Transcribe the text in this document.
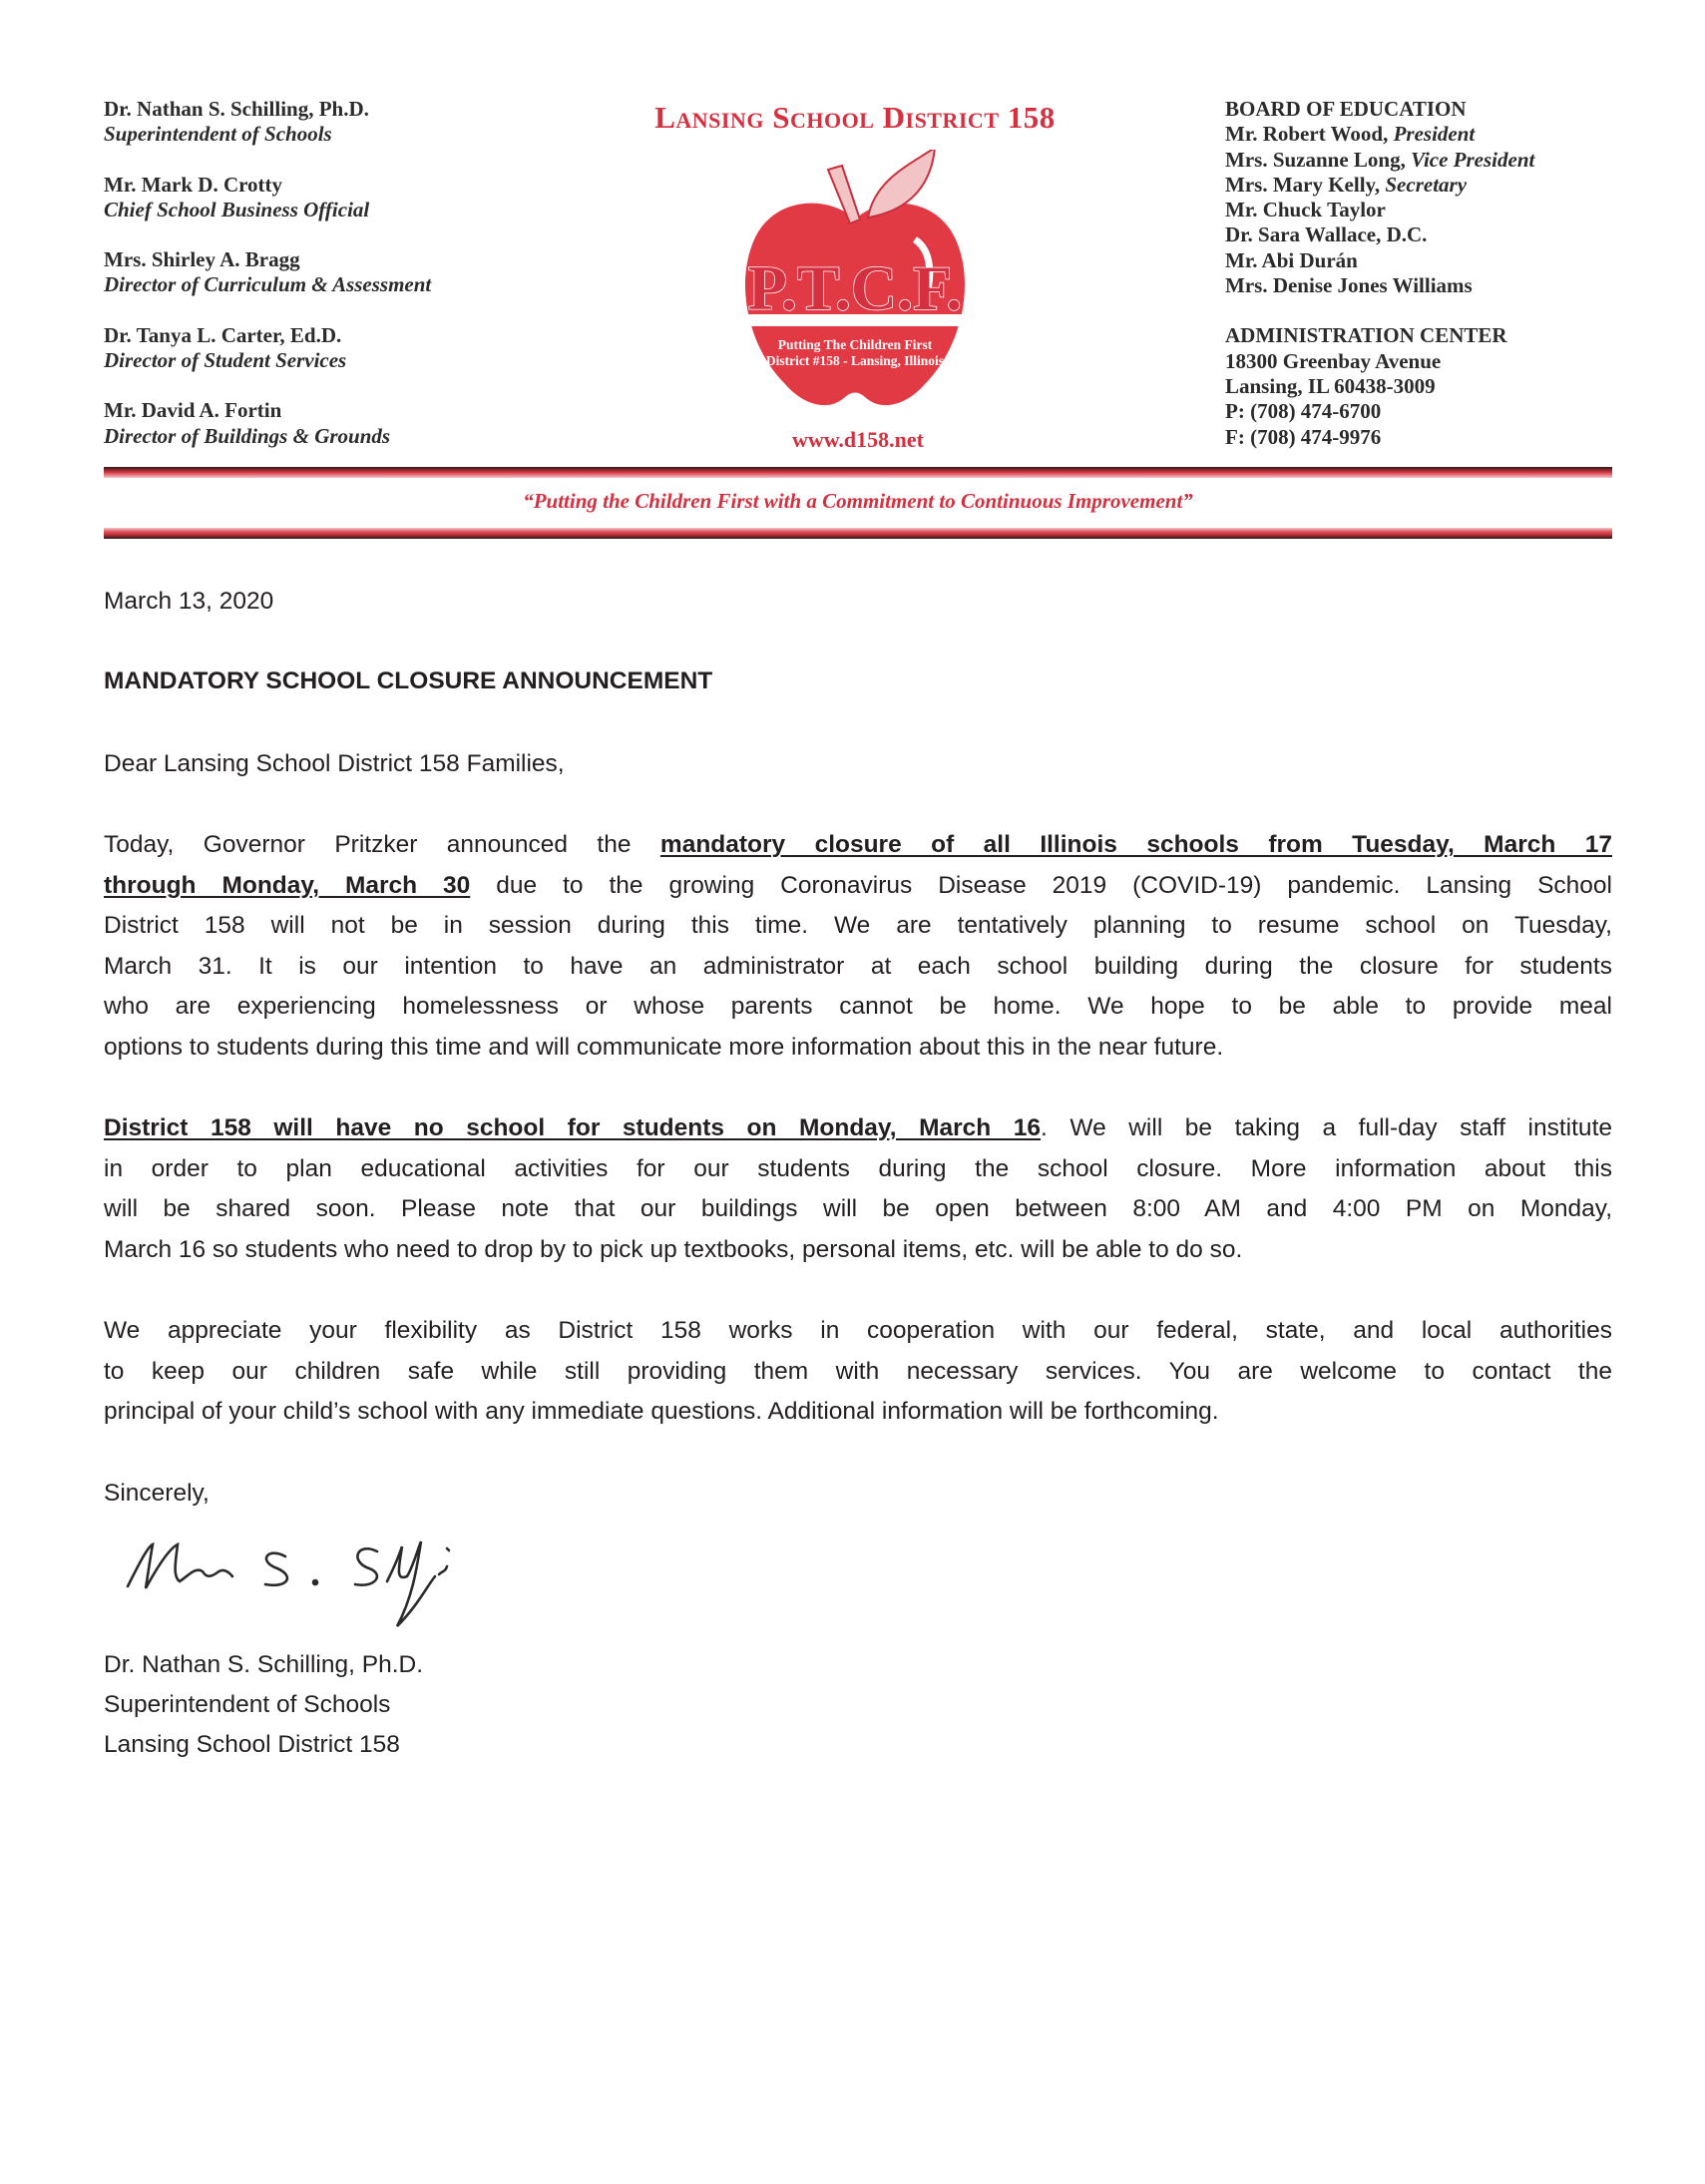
Dr. Nathan S. Schilling, Ph.D.
Superintendent of Schools
Mr. Mark D. Crotty
Chief School Business Official
Mrs. Shirley A. Bragg
Director of Curriculum & Assessment
Dr. Tanya L. Carter, Ed.D.
Director of Student Services
Mr. David A. Fortin
Director of Buildings & Grounds
Lansing School District 158
P.T.C.F.
Putting The Children First
District #158 - Lansing, Illinois
www.d158.net
BOARD OF EDUCATION
Mr. Robert Wood, President
Mrs. Suzanne Long, Vice President
Mrs. Mary Kelly, Secretary
Mr. Chuck Taylor
Dr. Sara Wallace, D.C.
Mr. Abi Durán
Mrs. Denise Jones Williams
ADMINISTRATION CENTER
18300 Greenbay Avenue
Lansing, IL 60438-3009
P: (708) 474-6700
F: (708) 474-9976
“Putting the Children First with a Commitment to Continuous Improvement”
March 13, 2020
MANDATORY SCHOOL CLOSURE ANNOUNCEMENT
Dear Lansing School District 158 Families,
Today, Governor Pritzker announced the mandatory closure of all Illinois schools from Tuesday, March 17
through Monday, March 30 due to the growing Coronavirus Disease 2019 (COVID-19) pandemic. Lansing School
District 158 will not be in session during this time. We are tentatively planning to resume school on Tuesday,
March 31. It is our intention to have an administrator at each school building during the closure for students
who are experiencing homelessness or whose parents cannot be home. We hope to be able to provide meal
options to students during this time and will communicate more information about this in the near future.
District 158 will have no school for students on Monday, March 16. We will be taking a full-day staff institute
in order to plan educational activities for our students during the school closure. More information about this
will be shared soon. Please note that our buildings will be open between 8:00 AM and 4:00 PM on Monday,
March 16 so students who need to drop by to pick up textbooks, personal items, etc. will be able to do so.
We appreciate your flexibility as District 158 works in cooperation with our federal, state, and local authorities
to keep our children safe while still providing them with necessary services. You are welcome to contact the
principal of your child’s school with any immediate questions. Additional information will be forthcoming.
Sincerely,
Dr. Nathan S. Schilling, Ph.D.
Superintendent of Schools
Lansing School District 158
